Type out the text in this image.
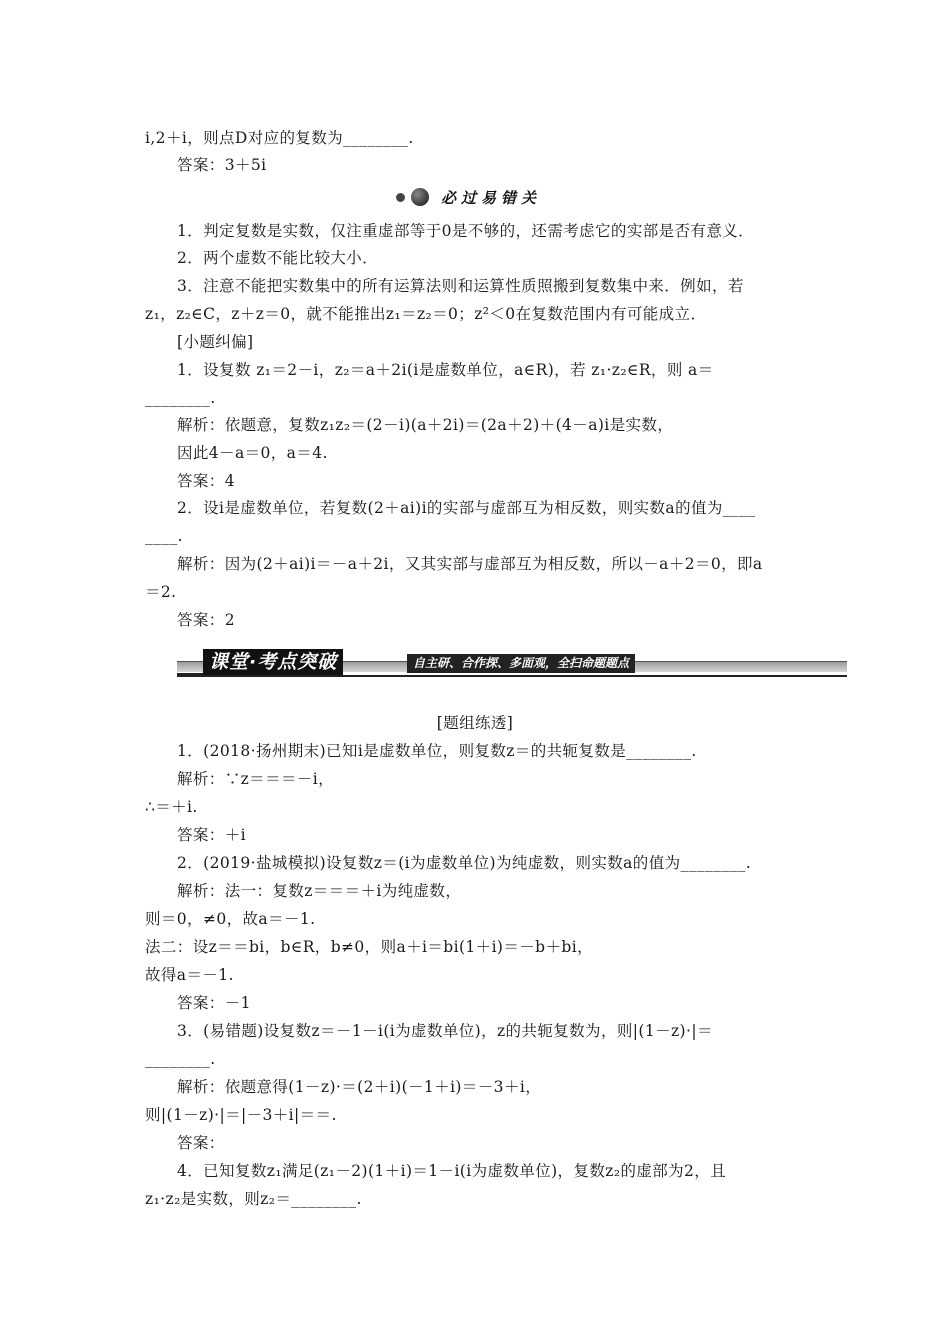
i,2＋i，则点D对应的复数为________.
答案：3＋5i
必过易错关
1．判定复数是实数，仅注重虚部等于0是不够的，还需考虑它的实部是否有意义．
2．两个虚数不能比较大小．
3．注意不能把实数集中的所有运算法则和运算性质照搬到复数集中来．例如，若
z₁，z₂∈C，z＋z＝0，就不能推出z₁＝z₂＝0；z²＜0在复数范围内有可能成立．
[小题纠偏]
1．设复数 z₁＝2－i，z₂＝a＋2i(i是虚数单位，a∈R)，若 z₁·z₂∈R，则 a＝
________.
解析：依题意，复数z₁z₂＝(2－i)(a＋2i)＝(2a＋2)＋(4－a)i是实数，
因此4－a＝0，a＝4.
答案：4
2．设i是虚数单位，若复数(2＋ai)i的实部与虚部互为相反数，则实数a的值为____
____.
解析：因为(2＋ai)i＝－a＋2i，又其实部与虚部互为相反数，所以－a＋2＝0，即a
＝2.
答案：2
课堂·考点突破	自主研、合作探、多面观，全扫命题题点
[题组练透]
1．(2018·扬州期末)已知i是虚数单位，则复数z＝的共轭复数是________.
解析：∵z＝＝＝－i，
∴＝＋i.
答案：＋i
2．(2019·盐城模拟)设复数z＝(i为虚数单位)为纯虚数，则实数a的值为________.
解析：法一：复数z＝＝＝＋i为纯虚数，
则＝0，≠0，故a＝－1.
法二：设z＝＝bi，b∈R，b≠0，则a＋i＝bi(1＋i)＝－b＋bi，
故得a＝－1.
答案：－1
3．(易错题)设复数z＝－1－i(i为虚数单位)，z的共轭复数为，则|(1－z)·|＝
________.
解析：依题意得(1－z)·＝(2＋i)(－1＋i)＝－3＋i，
则|(1－z)·|＝|－3＋i|＝＝.
答案：
4．已知复数z₁满足(z₁－2)(1＋i)＝1－i(i为虚数单位)，复数z₂的虚部为2，且
z₁·z₂是实数，则z₂＝________.
